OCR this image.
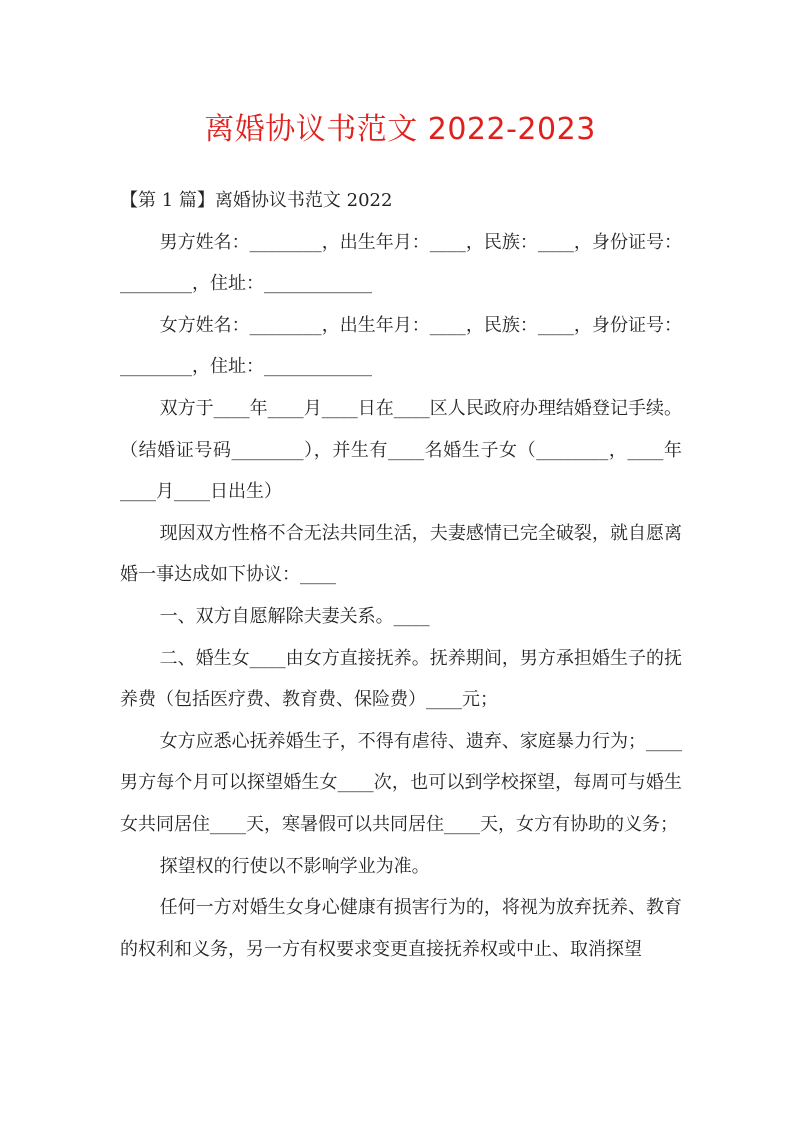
离婚协议书范文 2022-2023

【第 1 篇】离婚协议书范文 2022

男方姓名：________，出生年月：____，民族：____，身份证号：________，住址：____________

女方姓名：________，出生年月：____，民族：____，身份证号：________，住址：____________

双方于____年____月____日在____区人民政府办理结婚登记手续。（结婚证号码________），并生有____名婚生子女（________，____年____月____日出生）

现因双方性格不合无法共同生活，夫妻感情已完全破裂，就自愿离婚一事达成如下协议：____

一、双方自愿解除夫妻关系。____

二、婚生女____由女方直接抚养。抚养期间，男方承担婚生子的抚养费（包括医疗费、教育费、保险费）____元；

女方应悉心抚养婚生子，不得有虐待、遗弃、家庭暴力行为；____男方每个月可以探望婚生女____次，也可以到学校探望，每周可与婚生女共同居住____天，寒暑假可以共同居住____天，女方有协助的义务；

探望权的行使以不影响学业为准。

任何一方对婚生女身心健康有损害行为的，将视为放弃抚养、教育的权利和义务，另一方有权要求变更直接抚养权或中止、取消探望
